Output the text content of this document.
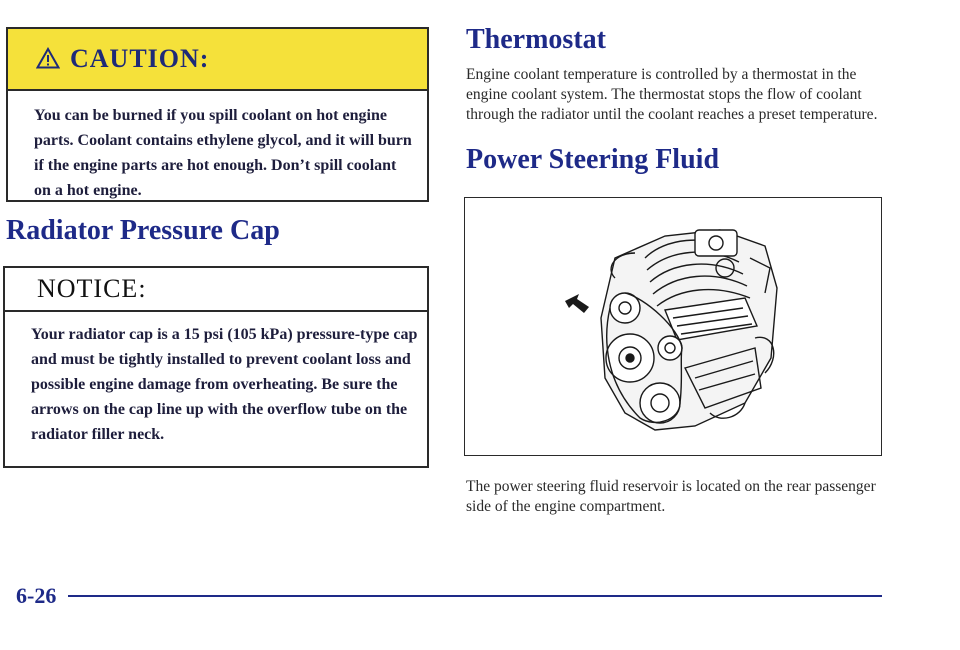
CAUTION:
You can be burned if you spill coolant on hot engine parts. Coolant contains ethylene glycol, and it will burn if the engine parts are hot enough. Don’t spill coolant on a hot engine.
Radiator Pressure Cap
NOTICE:
Your radiator cap is a 15 psi (105 kPa) pressure-type cap and must be tightly installed to prevent coolant loss and possible engine damage from overheating. Be sure the arrows on the cap line up with the overflow tube on the radiator filler neck.
Thermostat
Engine coolant temperature is controlled by a thermostat in the engine coolant system. The thermostat stops the flow of coolant through the radiator until the coolant reaches a preset temperature.
Power Steering Fluid
The power steering fluid reservoir is located on the rear passenger side of the engine compartment.
6-26
